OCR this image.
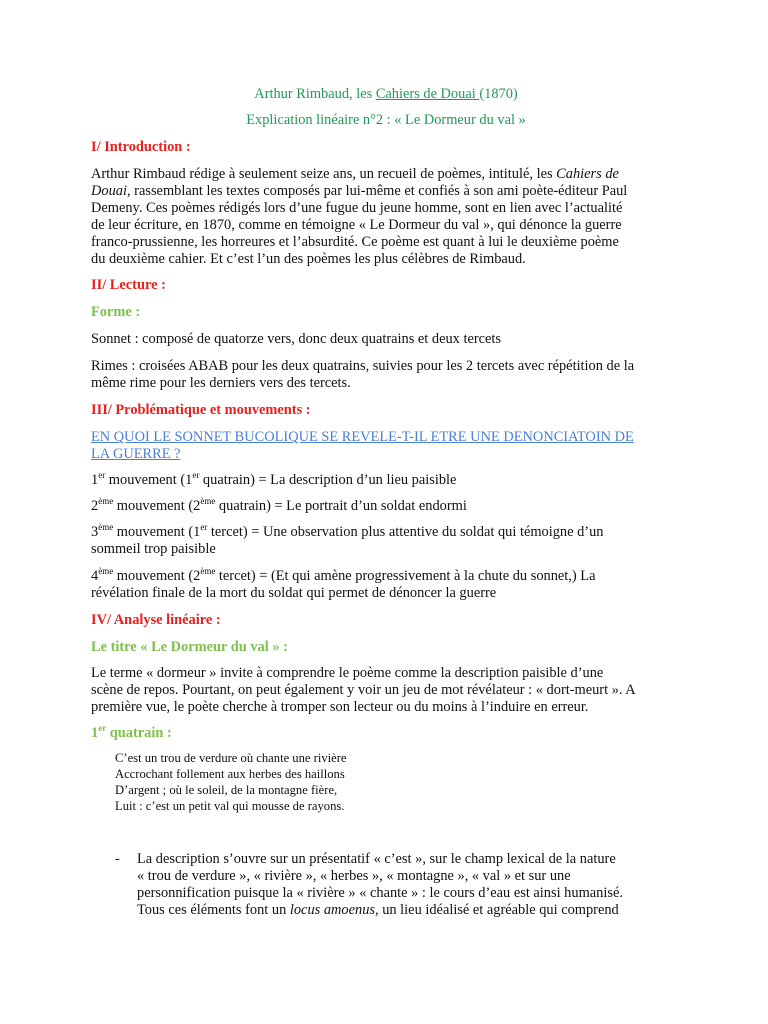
Arthur Rimbaud, les Cahiers de Douai (1870)
Explication linéaire n°2 : « Le Dormeur du val »
I/ Introduction :
Arthur Rimbaud rédige à seulement seize ans, un recueil de poèmes, intitulé, les Cahiers de
Douai, rassemblant les textes composés par lui-même et confiés à son ami poète-éditeur Paul
Demeny. Ces poèmes rédigés lors d’une fugue du jeune homme, sont en lien avec l’actualité
de leur écriture, en 1870, comme en témoigne « Le Dormeur du val », qui dénonce la guerre
franco-prussienne, les horreures et l’absurdité. Ce poème est quant à lui le deuxième poème
du deuxième cahier. Et c’est l’un des poèmes les plus célèbres de Rimbaud.
II/ Lecture :
Forme :
Sonnet : composé de quatorze vers, donc deux quatrains et deux tercets
Rimes : croisées ABAB pour les deux quatrains, suivies pour les 2 tercets avec répétition de la
même rime pour les derniers vers des tercets.
III/ Problématique et mouvements :
EN QUOI LE SONNET BUCOLIQUE SE REVELE-T-IL ETRE UNE DENONCIATOIN DE
LA GUERRE ?
1er mouvement (1er quatrain) = La description d’un lieu paisible
2ème mouvement (2ème quatrain) = Le portrait d’un soldat endormi
3ème mouvement (1er tercet) = Une observation plus attentive du soldat qui témoigne d’un
sommeil trop paisible
4ème mouvement (2ème tercet) = (Et qui amène progressivement à la chute du sonnet,) La
révélation finale de la mort du soldat qui permet de dénoncer la guerre
IV/ Analyse linéaire :
Le titre « Le Dormeur du val » :
Le terme « dormeur » invite à comprendre le poème comme la description paisible d’une
scène de repos. Pourtant, on peut également y voir un jeu de mot révélateur : « dort-meurt ». A
première vue, le poète cherche à tromper son lecteur ou du moins à l’induire en erreur.
1er quatrain :
C’est un trou de verdure où chante une rivière
Accrochant follement aux herbes des haillons
D’argent ; où le soleil, de la montagne fière,
Luit : c’est un petit val qui mousse de rayons.
- La description s’ouvre sur un présentatif « c’est », sur le champ lexical de la nature
« trou de verdure », « rivière », « herbes », « montagne », « val » et sur une
personnification puisque la « rivière » « chante » : le cours d’eau est ainsi humanisé.
Tous ces éléments font un locus amoenus, un lieu idéalisé et agréable qui comprend
